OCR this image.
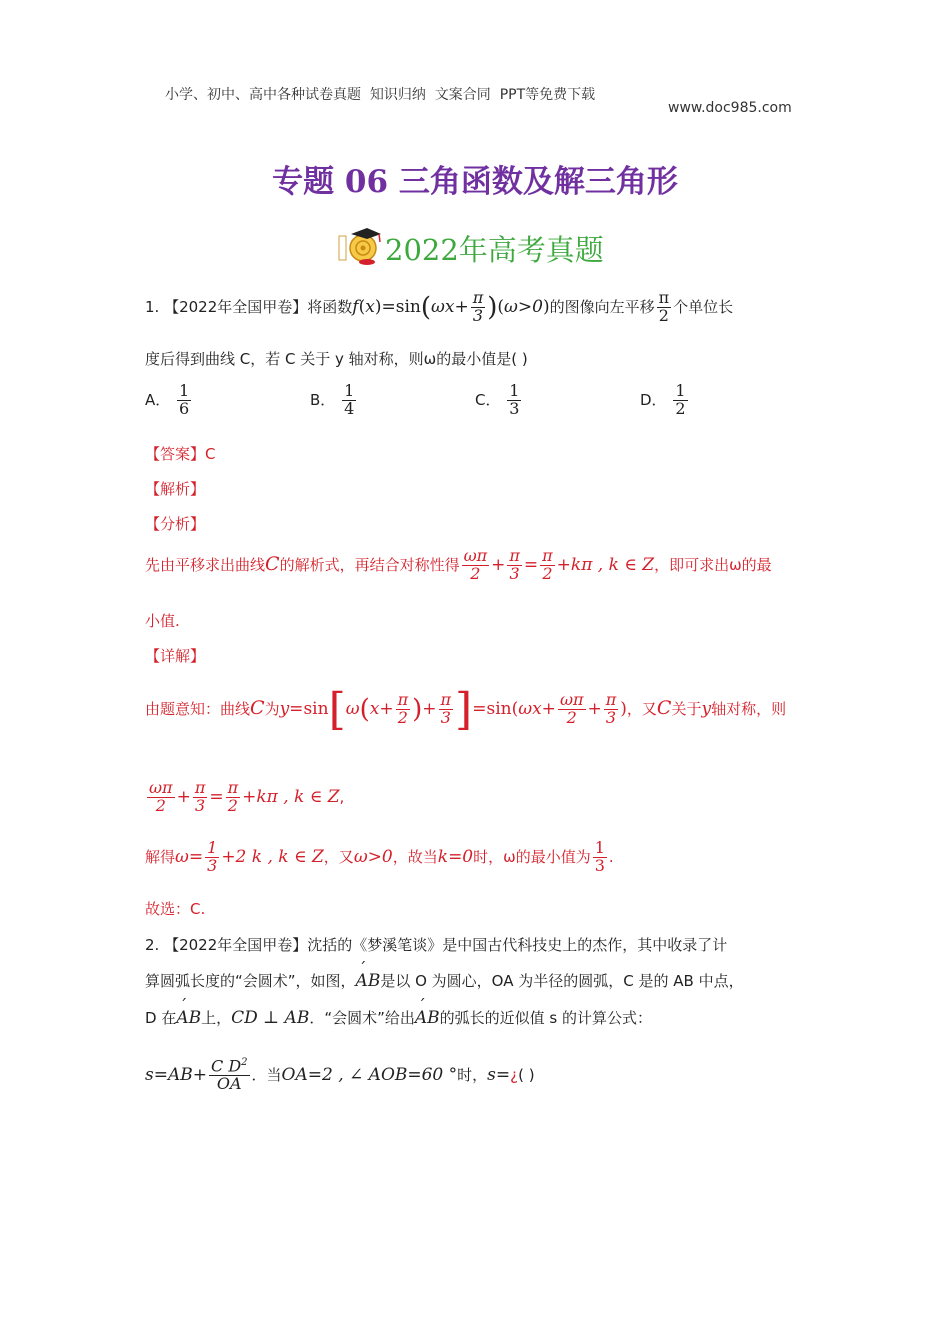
小学、初中、高中各种试卷真题  知识归纳  文案合同  PPT等免费下载

www.doc985.com

专题 06 三角函数及解三角形
2022年高考真题
1. 【2022年全国甲卷】将函数$f(x)=\sin(\omega x+ \frac{\pi}{3} )(\omega>0)$的图像向左平移 $\frac{\pi}{2}$ 个单位长
度后得到曲线 C，若 C 关于 y 轴对称，则ω的最小值是( )
A． $\frac{1}{6}$	B． $\frac{1}{4}$	C． $\frac{1}{3}$	D． $\frac{1}{2}$
【答案】C
【解析】
【分析】
先由平移求出曲线C的解析式，再结合对称性得 $\frac{\omega\pi}{2} + \frac{\pi}{3} = \frac{\pi}{2} +k\pi$ , k ∈ Z，即可求出ω的最
小值.
【详解】
由题意知：曲线C为$y=\sin[\omega(x+ \frac{\pi}{2}$ )+ $\frac{\pi}{3} ]=\sin(\omega x+ \frac{\omega\pi}{2} + \frac{\pi}{3}$ )，又C关于y轴对称，则
$\frac{\omega\pi}{2} + \frac{\pi}{3} = \frac{\pi}{2} +k\pi$ , k ∈ Z,
解得$\omega= \frac{1}{3} +2$ k , k ∈ Z，又ω>0，故当k=0时，ω的最小值为 $\frac{1}{3}$ .
故选：C.
2. 【2022年全国甲卷】沈括的《梦溪笔谈》是中国古代科技史上的杰作，其中收录了计
算圆弧长度的“会圆术”，如图，´ AB是以 O 为圆心，OA 为半径的圆弧，C 是的 AB 中点，
D 在´ AB上，CD ⊥ AB．“会圆术”给出´ AB的弧长的近似值 s 的计算公式：
$s=AB+ \frac{C D^2}{OA}$ ．当OA=2 , ∠ AOB=60 °时，s=¿( )
